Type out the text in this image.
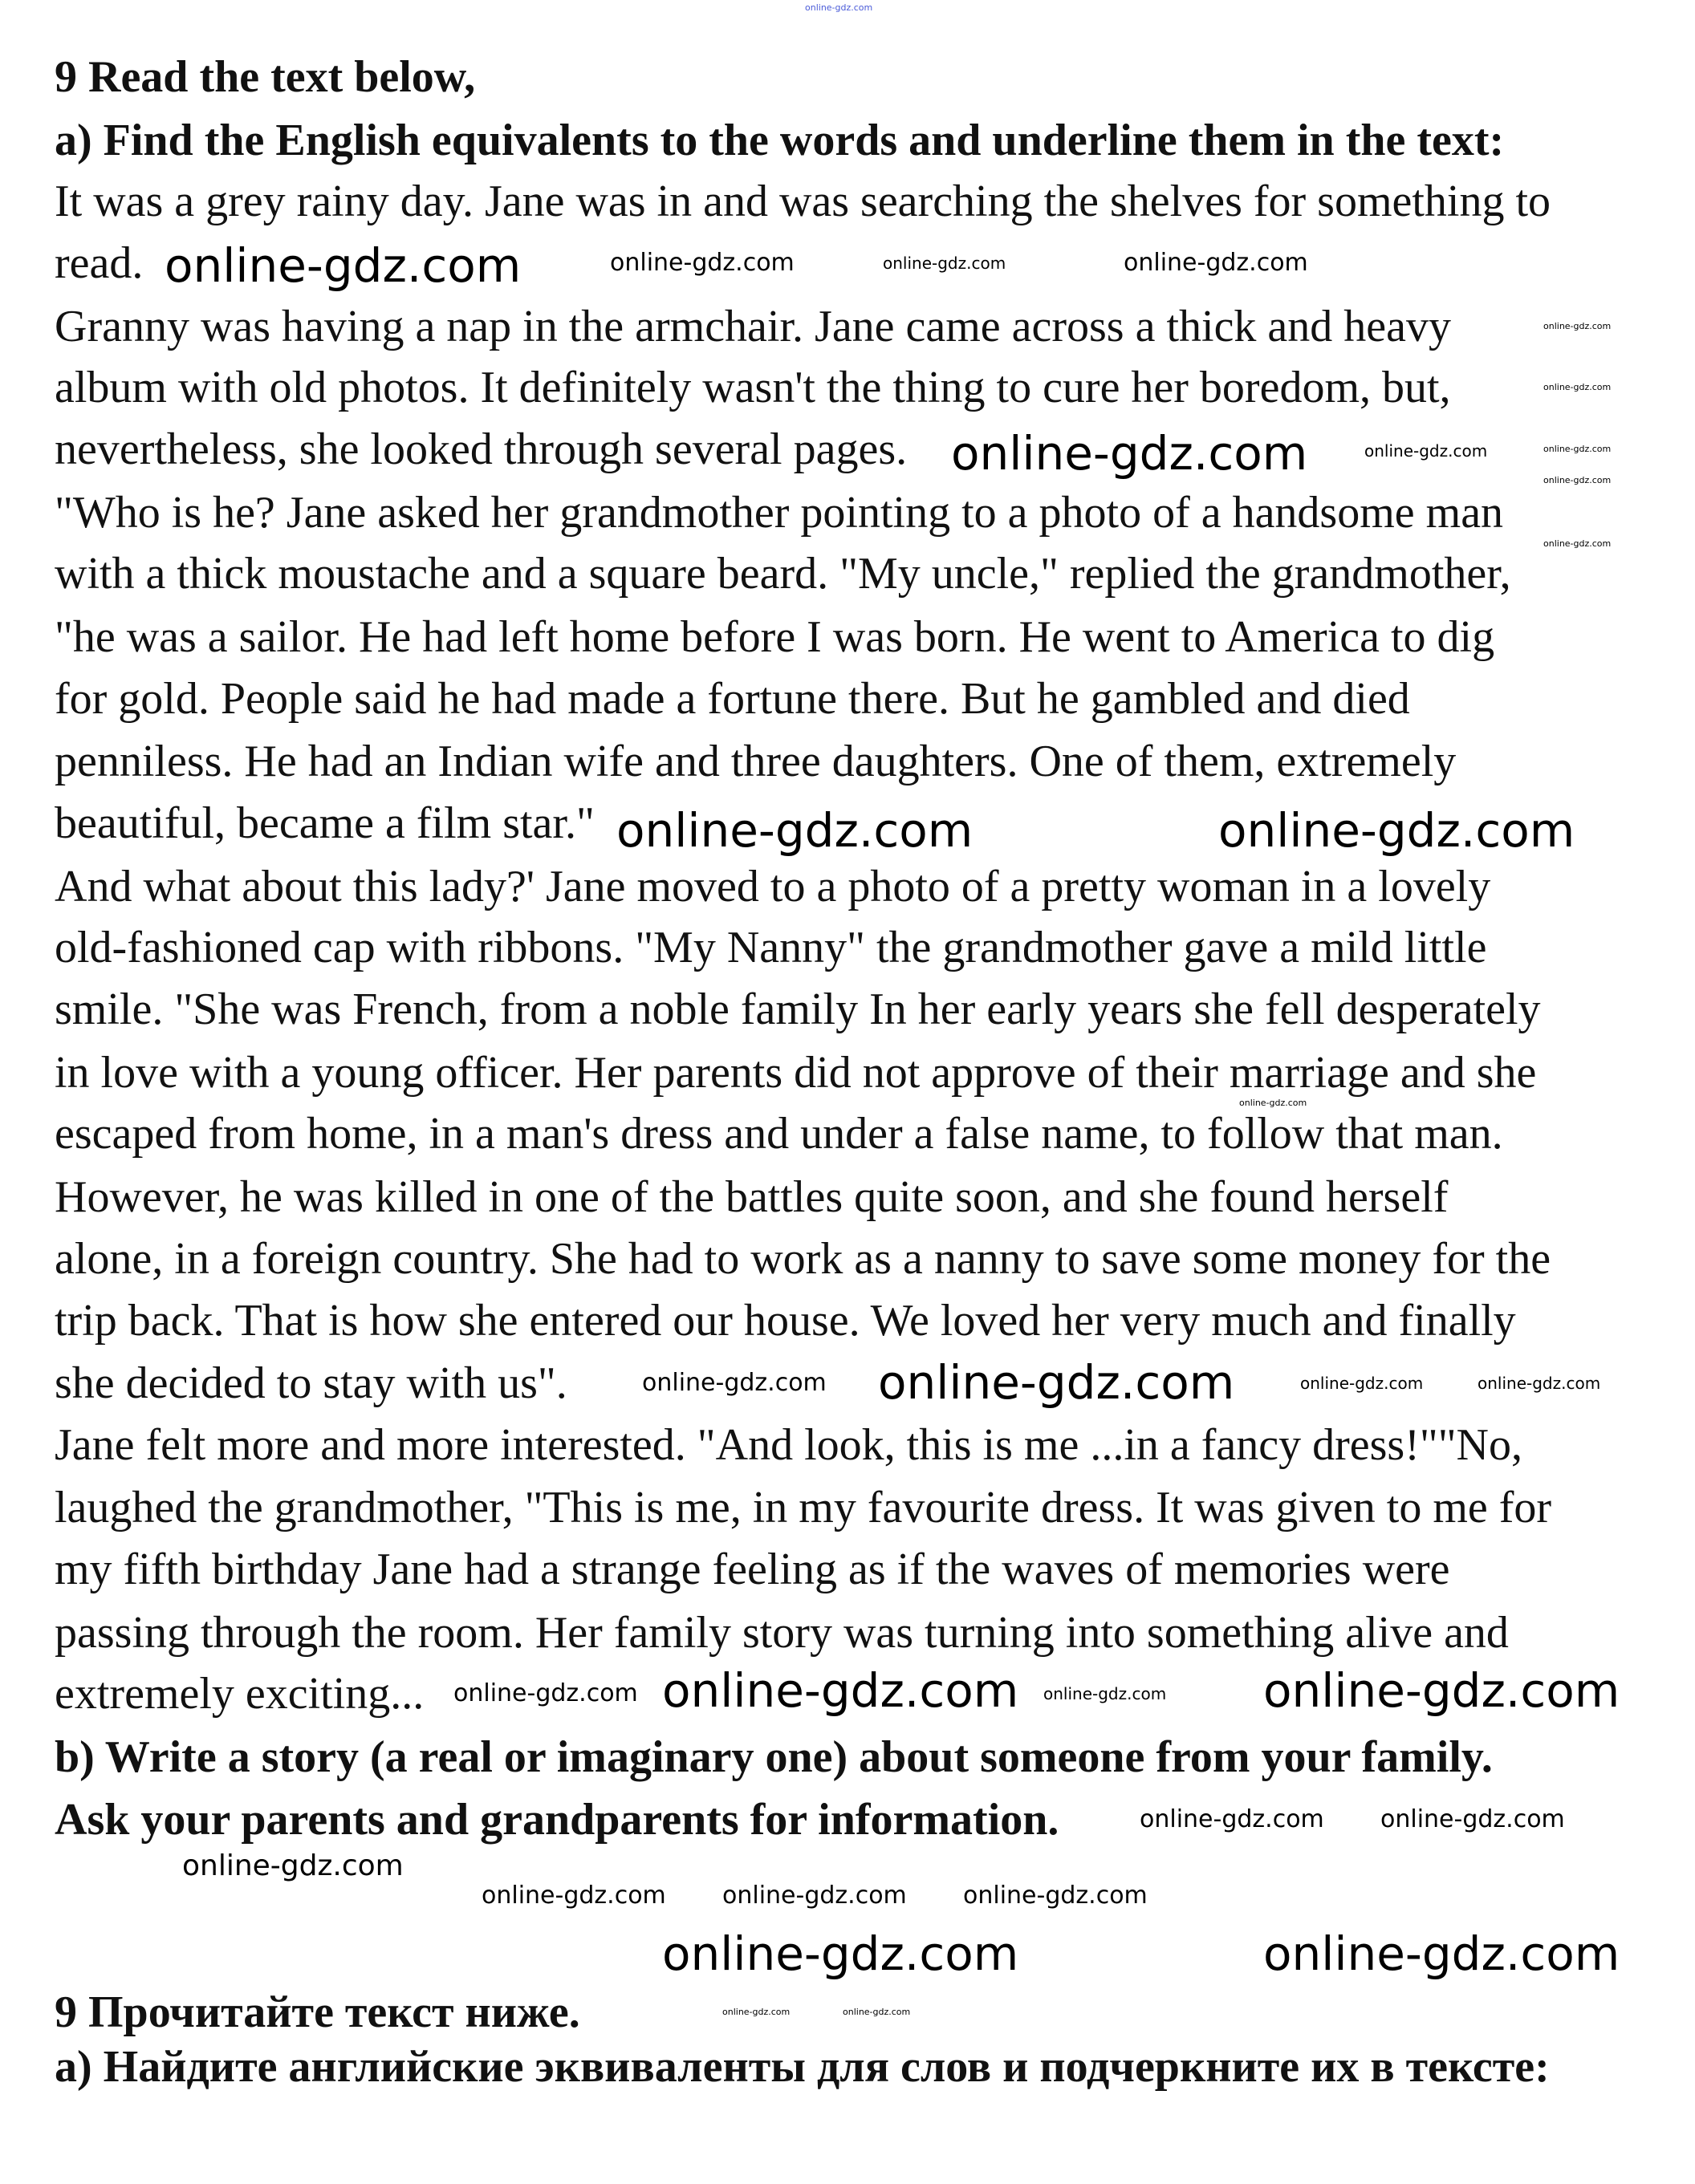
9 Read the text below,
a) Find the English equivalents to the words and underline them in the text:
It was a grey rainy day. Jane was in and was searching the shelves for something to
read.
Granny was having a nap in the armchair. Jane came across a thick and heavy
album with old photos. It definitely wasn't the thing to cure her boredom, but,
nevertheless, she looked through several pages.
"Who is he? Jane asked her grandmother pointing to a photo of a handsome man
with a thick moustache and a square beard. "My uncle," replied the grandmother,
"he was a sailor. He had left home before I was born. He went to America to dig
for gold. People said he had made a fortune there. But he gambled and died
penniless. He had an Indian wife and three daughters. One of them, extremely
beautiful, became a film star."
And what about this lady?' Jane moved to a photo of a pretty woman in a lovely
old-fashioned cap with ribbons. "My Nanny" the grandmother gave a mild little
smile. "She was French, from a noble family In her early years she fell desperately
in love with a young officer. Her parents did not approve of their marriage and she
escaped from home, in a man's dress and under a false name, to follow that man.
However, he was killed in one of the battles quite soon, and she found herself
alone, in a foreign country. She had to work as a nanny to save some money for the
trip back. That is how she entered our house. We loved her very much and finally
she decided to stay with us".
Jane felt more and more interested. "And look, this is me ...in a fancy dress!""No,
laughed the grandmother, "This is me, in my favourite dress. It was given to me for
my fifth birthday Jane had a strange feeling as if the waves of memories were
passing through the room. Her family story was turning into something alive and
extremely exciting...
b) Write a story (a real or imaginary one) about someone from your family.
Ask your parents and grandparents for information.
9 Прочитайте текст ниже.
а) Найдите английские эквиваленты для слов и подчеркните их в тексте:
online-gdz.com
online-gdz.com	online-gdz.com	online-gdz.com	online-gdz.com
online-gdz.com
online-gdz.com
online-gdz.com
online-gdz.com
online-gdz.com
online-gdz.com	online-gdz.com
online-gdz.com	online-gdz.com
online-gdz.com
online-gdz.com
online-gdz.com	online-gdz.com	online-gdz.com
online-gdz.com	online-gdz.com
online-gdz.com	online-gdz.com
online-gdz.com online-gdz.com
online-gdz.com
online-gdz.com online-gdz.com online-gdz.com
online-gdz.com	online-gdz.com
online-gdz.com	online-gdz.com
